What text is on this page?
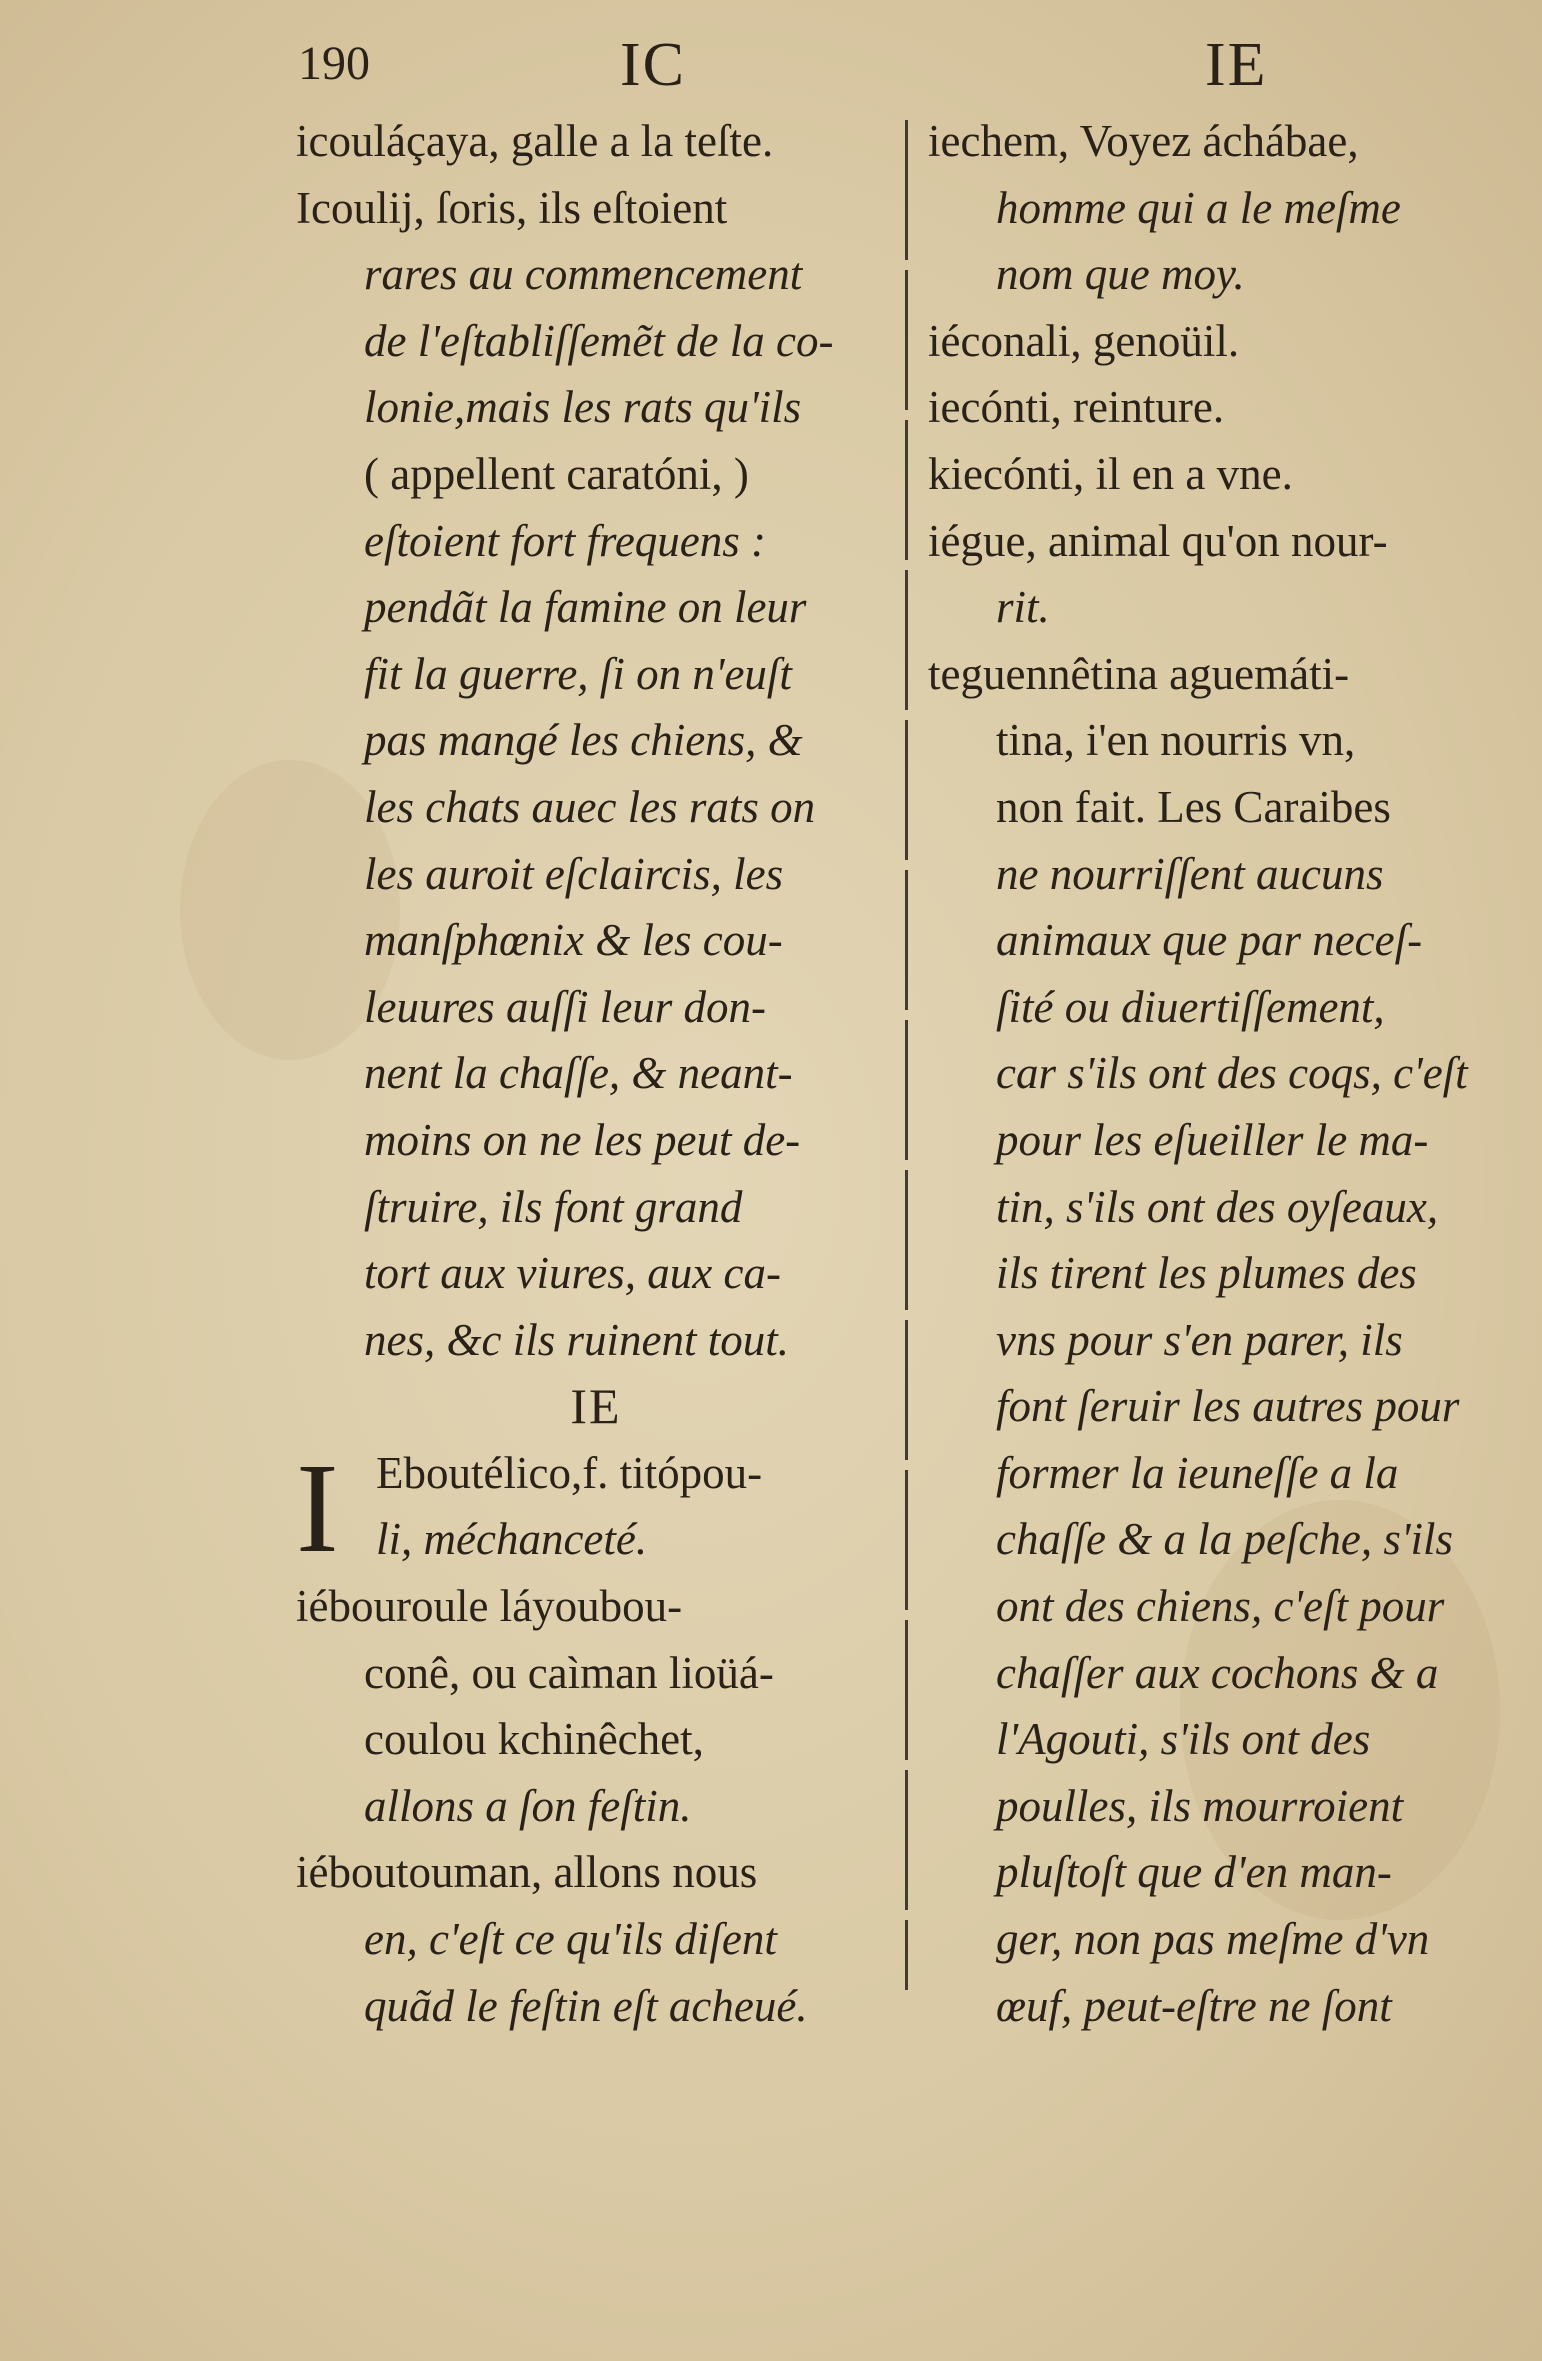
190	IC	IE
icouláçaya, galle a la teſte.
Icoulij, ſoris, ils eſtoient
rares au commencement
de l'eſtabliſſemẽt de la co-
lonie,mais les rats qu'ils
( appellent caratóni, )
eſtoient fort frequens :
pendãt la famine on leur
fit la guerre, ſi on n'euſt
pas mangé les chiens, &
les chats auec les rats on
les auroit eſclaircis, les
manſphœnix & les cou-
leuures auſſi leur don-
nent la chaſſe, & neant-
moins on ne les peut de-
ſtruire, ils font grand
tort aux viures, aux ca-
nes, &c ils ruinent tout.
IE
I Eboutélico,f. titópou-
li, méchanceté.
iébouroule láyoubou-
conê, ou caìman lioüá-
coulou kchinêchet,
allons a ſon feſtin.
iéboutouman, allons nous
en, c'eſt ce qu'ils diſent
quãd le feſtin eſt acheué.
iechem, Voyez áchábae,
homme qui a le meſme
nom que moy.
iéconali, genoüil.
iecónti, reinture.
kiecónti, il en a vne.
iégue, animal qu'on nour-
rit.
teguennêtina aguemáti-
tina, i'en nourris vn,
non fait. Les Caraibes
ne nourriſſent aucuns
animaux que par neceſ-
ſité ou diuertiſſement,
car s'ils ont des coqs, c'eſt
pour les eſueiller le ma-
tin, s'ils ont des oyſeaux,
ils tirent les plumes des
vns pour s'en parer, ils
font ſeruir les autres pour
former la ieuneſſe a la
chaſſe & a la peſche, s'ils
ont des chiens, c'eſt pour
chaſſer aux cochons & a
l'Agouti, s'ils ont des
poulles, ils mourroient
pluſtoſt que d'en man-
ger, non pas meſme d'vn
œuf, peut-eſtre ne ſont
